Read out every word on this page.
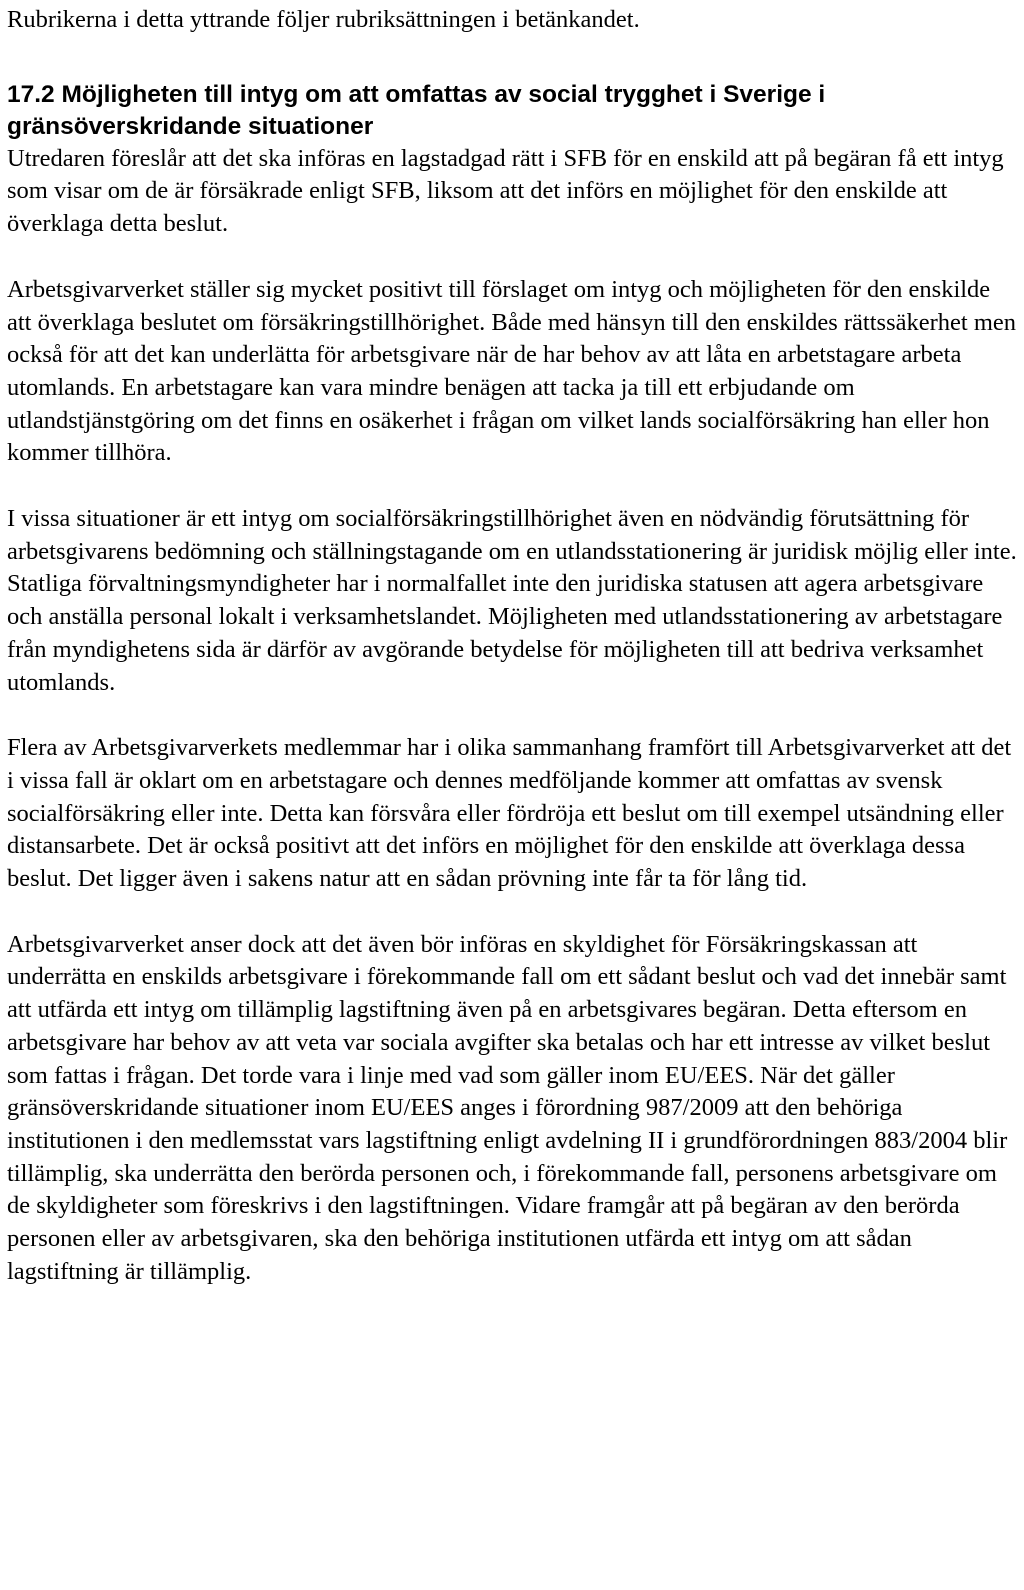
Rubrikerna i detta yttrande följer rubriksättningen i betänkandet.

17.2 Möjligheten till intyg om att omfattas av social trygghet i Sverige i gränsöverskridande situationer

Utredaren föreslår att det ska införas en lagstadgad rätt i SFB för en enskild att på begäran få ett intyg som visar om de är försäkrade enligt SFB, liksom att det införs en möjlighet för den enskilde att överklaga detta beslut.

Arbetsgivarverket ställer sig mycket positivt till förslaget om intyg och möjligheten för den enskilde att överklaga beslutet om försäkringstillhörighet. Både med hänsyn till den enskildes rättssäkerhet men också för att det kan underlätta för arbetsgivare när de har behov av att låta en arbetstagare arbeta utomlands. En arbetstagare kan vara mindre benägen att tacka ja till ett erbjudande om utlandstjänstgöring om det finns en osäkerhet i frågan om vilket lands socialförsäkring han eller hon kommer tillhöra.

I vissa situationer är ett intyg om socialförsäkringstillhörighet även en nödvändig förutsättning för arbetsgivarens bedömning och ställningstagande om en utlandsstationering är juridisk möjlig eller inte. Statliga förvaltningsmyndigheter har i normalfallet inte den juridiska statusen att agera arbetsgivare och anställa personal lokalt i verksamhetslandet. Möjligheten med utlandsstationering av arbetstagare från myndighetens sida är därför av avgörande betydelse för möjligheten till att bedriva verksamhet utomlands.

Flera av Arbetsgivarverkets medlemmar har i olika sammanhang framfört till Arbetsgivarverket att det i vissa fall är oklart om en arbetstagare och dennes medföljande kommer att omfattas av svensk socialförsäkring eller inte. Detta kan försvåra eller fördröja ett beslut om till exempel utsändning eller distansarbete. Det är också positivt att det införs en möjlighet för den enskilde att överklaga dessa beslut. Det ligger även i sakens natur att en sådan prövning inte får ta för lång tid.

Arbetsgivarverket anser dock att det även bör införas en skyldighet för Försäkringskassan att underrätta en enskilds arbetsgivare i förekommande fall om ett sådant beslut och vad det innebär samt att utfärda ett intyg om tillämplig lagstiftning även på en arbetsgivares begäran. Detta eftersom en arbetsgivare har behov av att veta var sociala avgifter ska betalas och har ett intresse av vilket beslut som fattas i frågan. Det torde vara i linje med vad som gäller inom EU/EES. När det gäller gränsöverskridande situationer inom EU/EES anges i förordning 987/2009 att den behöriga institutionen i den medlemsstat vars lagstiftning enligt avdelning II i grundförordningen 883/2004 blir tillämplig, ska underrätta den berörda personen och, i förekommande fall, personens arbetsgivare om de skyldigheter som föreskrivs i den lagstiftningen. Vidare framgår att på begäran av den berörda personen eller av arbetsgivaren, ska den behöriga institutionen utfärda ett intyg om att sådan lagstiftning är tillämplig.
